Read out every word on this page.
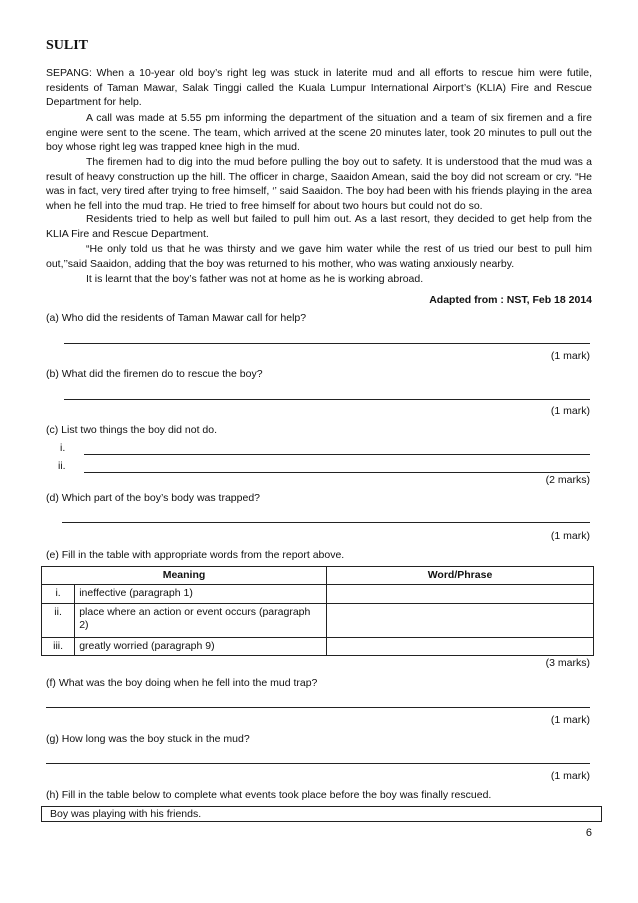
SULIT
SEPANG: When a 10-year old boy’s right leg was stuck in laterite mud and all efforts to rescue him were futile, residents of Taman Mawar, Salak Tinggi called the Kuala Lumpur International Airport’s (KLIA) Fire and Rescue Department for help.
A call was made at 5.55 pm informing the department of the situation and a team of six firemen and a fire engine were sent to the scene. The team, which arrived at the scene 20 minutes later, took 20 minutes to pull out the boy whose right leg was trapped knee high in the mud.
The firemen had to dig into the mud before pulling the boy out to safety. It is understood that the mud was a result of heavy construction up the hill. The officer in charge, Saaidon Amean, said the boy did not scream or cry. “He was in fact, very tired after trying to free himself, ‘’ said Saaidon. The boy had been with his friends playing in the area when he fell into the mud trap. He tried to free himself for about two hours but could not do so.
Residents tried to help as well but failed to pull him out. As a last resort, they decided to get help from the KLIA Fire and Rescue Department.
“He only told us that he was thirsty and we gave him water while the rest of us tried our best to pull him out,’’said Saaidon, adding that the boy was returned to his mother, who was wating anxiously nearby.
It is learnt that the boy’s father was not at home as he is working abroad.
Adapted from : NST, Feb 18 2014
(a) Who did the residents of Taman Mawar call for help?
(1 mark)
(b) What did the firemen do to rescue the boy?
(1 mark)
(c) List two things the boy did not do.
i.
ii.
(2 marks)
(d) Which part of the boy’s body was trapped?
(1 mark)
(e) Fill in the table with appropriate words from the report above.
Meaning		Word/Phrase
i.	ineffective (paragraph 1)	
ii.	place where an action or event occurs (paragraph 2)	
iii.	greatly worried (paragraph 9)	
(3 marks)
(f) What was the boy doing when he fell into the mud trap?
(1 mark)
(g) How long was the boy stuck in the mud?
(1 mark)
(h) Fill in the table below to complete what events took place before the boy was finally rescued.
Boy was playing with his friends.
6
